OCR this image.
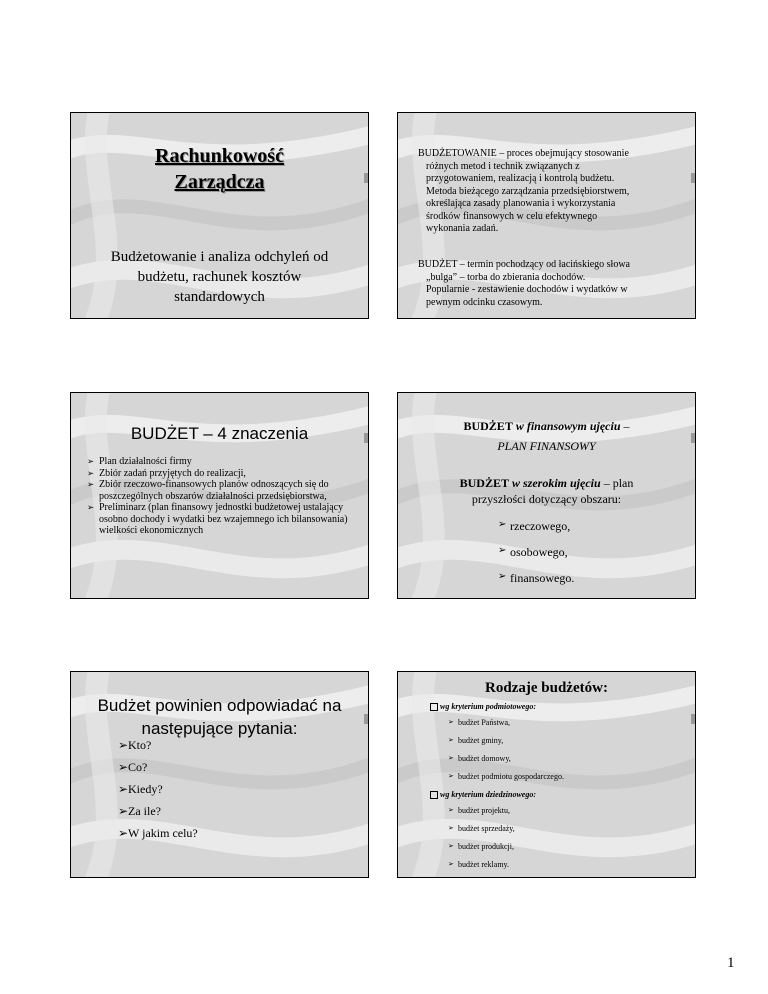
Rachunkowość
Zarządcza
Budżetowanie i analiza odchyleń od
budżetu, rachunek kosztów
standardowych
BUDŻETOWANIE – proces obejmujący stosowanie
różnych metod i technik związanych z
przygotowaniem, realizacją i kontrolą budżetu.
Metoda bieżącego zarządzania przedsiębiorstwem,
określająca zasady planowania i wykorzystania
środków finansowych w celu efektywnego
wykonania zadań.
BUDŻET – termin pochodzący od łacińskiego słowa
„bulga” – torba do zbierania dochodów.
Popularnie - zestawienie dochodów i wydatków w
pewnym odcinku czasowym.
BUDŻET – 4 znaczenia
➢ Plan działalności firmy
➢ Zbiór zadań przyjętych do realizacji,
➢ Zbiór rzeczowo-finansowych planów odnoszących się do poszczególnych obszarów działalności przedsiębiorstwa,
➢ Preliminarz (plan finansowy jednostki budżetowej ustalający osobno dochody i wydatki bez wzajemnego ich bilansowania) wielkości ekonomicznych
BUDŻET w finansowym ujęciu –
PLAN FINANSOWY
BUDŻET w szerokim ujęciu – plan
przyszłości dotyczący obszaru:
➢ rzeczowego,
➢ osobowego,
➢ finansowego.
Budżet powinien odpowiadać na
następujące pytania:
➢ Kto?
➢ Co?
➢ Kiedy?
➢ Za ile?
➢ W jakim celu?
Rodzaje budżetów:
wg kryterium podmiotowego:
➢ budżet Państwa,
➢ budżet gminy,
➢ budżet domowy,
➢ budżet podmiotu gospodarczego.
wg kryterium dziedzinowego:
➢ budżet projektu,
➢ budżet sprzedaży,
➢ budżet produkcji,
➢ budżet reklamy.
1
